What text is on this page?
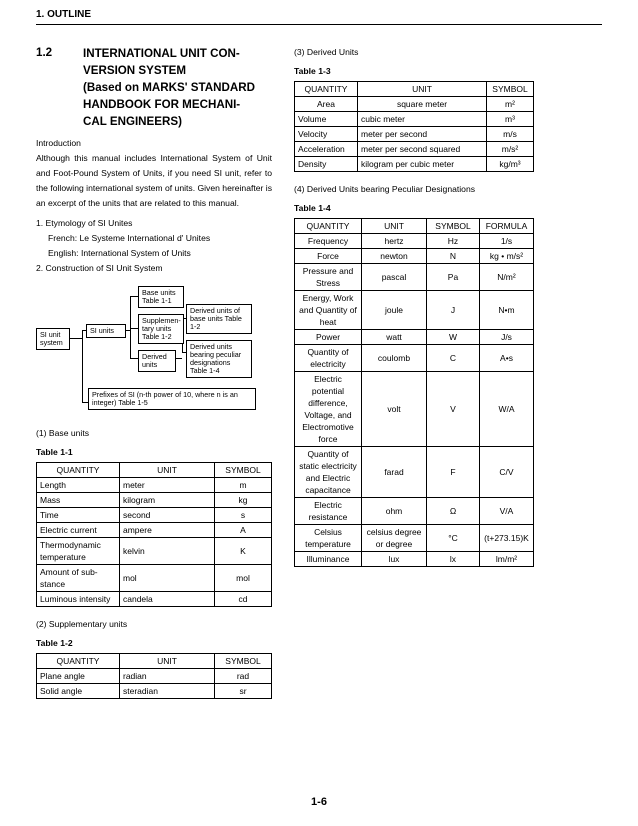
1. OUTLINE
1.2	INTERNATIONAL UNIT CON-
VERSION SYSTEM
(Based on MARKS' STANDARD
HANDBOOK FOR MECHANI-
CAL ENGINEERS)
Introduction
Although this manual includes International System of Unit and Foot-Pound System of Units, if you need SI unit, refer to the following international system of units. Given hereinafter is an excerpt of the units that are related to this manual.
1. Etymology of SI Unites
French: Le Systeme International d' Unites
English: International System of Units
2. Construction of SI Unit System
SI unit system
SI units
Base units Table 1-1
Supplemen- tary units Table 1-2
Derived units
Derived units of base units Table 1-2
Derived units bearing peculiar designations Table 1-4
Prefixes of SI (n-th power of 10, where n is an integer) Table 1-5
(1) Base units
Table 1-1
QUANTITY	UNIT	SYMBOL
Length	meter	m
Mass	kilogram	kg
Time	second	s
Electric current	ampere	A
Thermodynamic temperature	kelvin	K
Amount of sub- stance	mol	mol
Luminous intensity	candela	cd
(2) Supplementary units
Table 1-2
QUANTITY	UNIT	SYMBOL
Plane angle	radian	rad
Solid angle	steradian	sr
(3) Derived Units
Table 1-3
QUANTITY	UNIT	SYMBOL
Area	square meter	m²
Volume	cubic meter	m³
Velocity	meter per second	m/s
Acceleration	meter per second squared	m/s²
Density	kilogram per cubic meter	kg/m³
(4) Derived Units bearing Peculiar Designations
Table 1-4
QUANTITY	UNIT	SYMBOL	FORMULA
Frequency	hertz	Hz	1/s
Force	newton	N	kg • m/s²
Pressure and Stress	pascal	Pa	N/m²
Energy, Work and Quantity of heat	joule	J	N•m
Power	watt	W	J/s
Quantity of electricity	coulomb	C	A•s
Electric potential difference, Voltage, and Electromotive force	volt	V	W/A
Quantity of static electricity and Electric capacitance	farad	F	C/V
Electric resistance	ohm	Ω	V/A
Celsius temperature	celsius degree or degree	°C	(t+273.15)K
Illuminance	lux	lx	lm/m²
1-6
